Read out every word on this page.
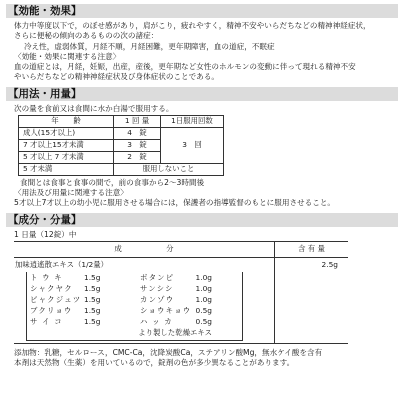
【 効能・効果 】
体力中等度以下で，のぼせ感があり，肩がこり，疲れやすく，精神不安やいらだちなどの精神神経症状，
さらに便秘の傾向のあるものの次の諸症：
冷え性，虚弱体質，月経不順，月経困難，更年期障害，血の道症，不眠症
〈効能・効果に関連する注意〉
血の道症とは，月経，妊娠，出産，産後，更年期など女性のホルモンの変動に伴って現れる精神不安
やいらだちなどの精神神経症状及び身体症状のことである。
【 用法・用量 】
次の量を食前又は食間に水か白湯で服用する。
年　　齢	1 回 量	1日服用回数
成人(15才以上)	4　錠	3　回
7 才以上15才未満	3　錠	
5 才以上 7 才未満	2　錠	
5 才未満	服用しないこと	
食間とは食事と食事の間で，前の食事から2～3時間後
〈用法及び用量に関連する注意〉
5才以上7才以上の幼小児に服用させる場合には，保護者の指導監督のもとに服用させること。
【 成分・分量 】
1 日量（12錠）中
成　　　　　　分	含 有 量
加味逍遙散エキス（1/2量）	2.5g

ト ウ キ	1.5g	ボタンピ	1.0g
シャクヤク	1.5g	サンシシ	1.0g
ビャクジュツ	1.5g	カンゾウ	1.0g
ブクリョウ	1.5g	ショウキョウ	0.5g
サ イ コ	1.5g	ハ ッ カ	0.5g
より製した乾燥エキス

添加物：乳糖，セルロース，CMC-Ca，沈降炭酸Ca，ステアリン酸Mg，無水ケイ酸を含有
本剤は天然物（生薬）を用いているので，錠剤の色が多少異なることがあります。
